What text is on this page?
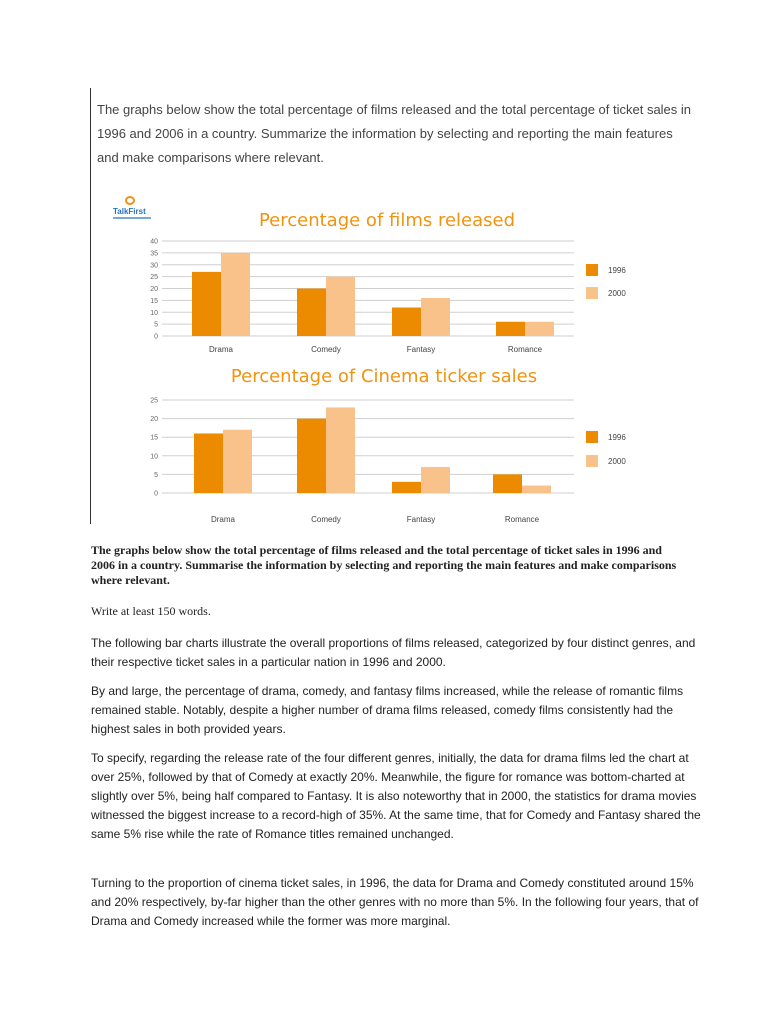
The graphs below show the total percentage of films released and the total percentage of ticket sales in 1996 and 2006 in a country. Summarize the information by selecting and reporting the main features and make comparisons where relevant.

TalkFirst	Percentage of films released
0
5
10
15
20
25
30
35
40
Drama	Comedy	Fantasy	Romance
1996
2000
Percentage of Cinema ticker sales
0
5
10
15
20
25
Drama	Comedy	Fantasy	Romance
1996
2000

The graphs below show the total percentage of films released and the total percentage of ticket sales in 1996 and 2006 in a country. Summarise the information by selecting and reporting the main features and make comparisons where relevant.

Write at least 150 words.

The following bar charts illustrate the overall proportions of films released, categorized by four distinct genres, and their respective ticket sales in a particular nation in 1996 and 2000.

By and large, the percentage of drama, comedy, and fantasy films increased, while the release of romantic films remained stable. Notably, despite a higher number of drama films released, comedy films consistently had the highest sales in both provided years.

To specify, regarding the release rate of the four different genres, initially, the data for drama films led the chart at over 25%, followed by that of Comedy at exactly 20%. Meanwhile, the figure for romance was bottom-charted at slightly over 5%, being half compared to Fantasy. It is also noteworthy that in 2000, the statistics for drama movies witnessed the biggest increase to a record-high of 35%. At the same time, that for Comedy and Fantasy shared the same 5% rise while the rate of Romance titles remained unchanged.

Turning to the proportion of cinema ticket sales, in 1996, the data for Drama and Comedy constituted around 15% and 20% respectively, by-far higher than the other genres with no more than 5%. In the following four years, that of Drama and Comedy increased while the former was more marginal.
